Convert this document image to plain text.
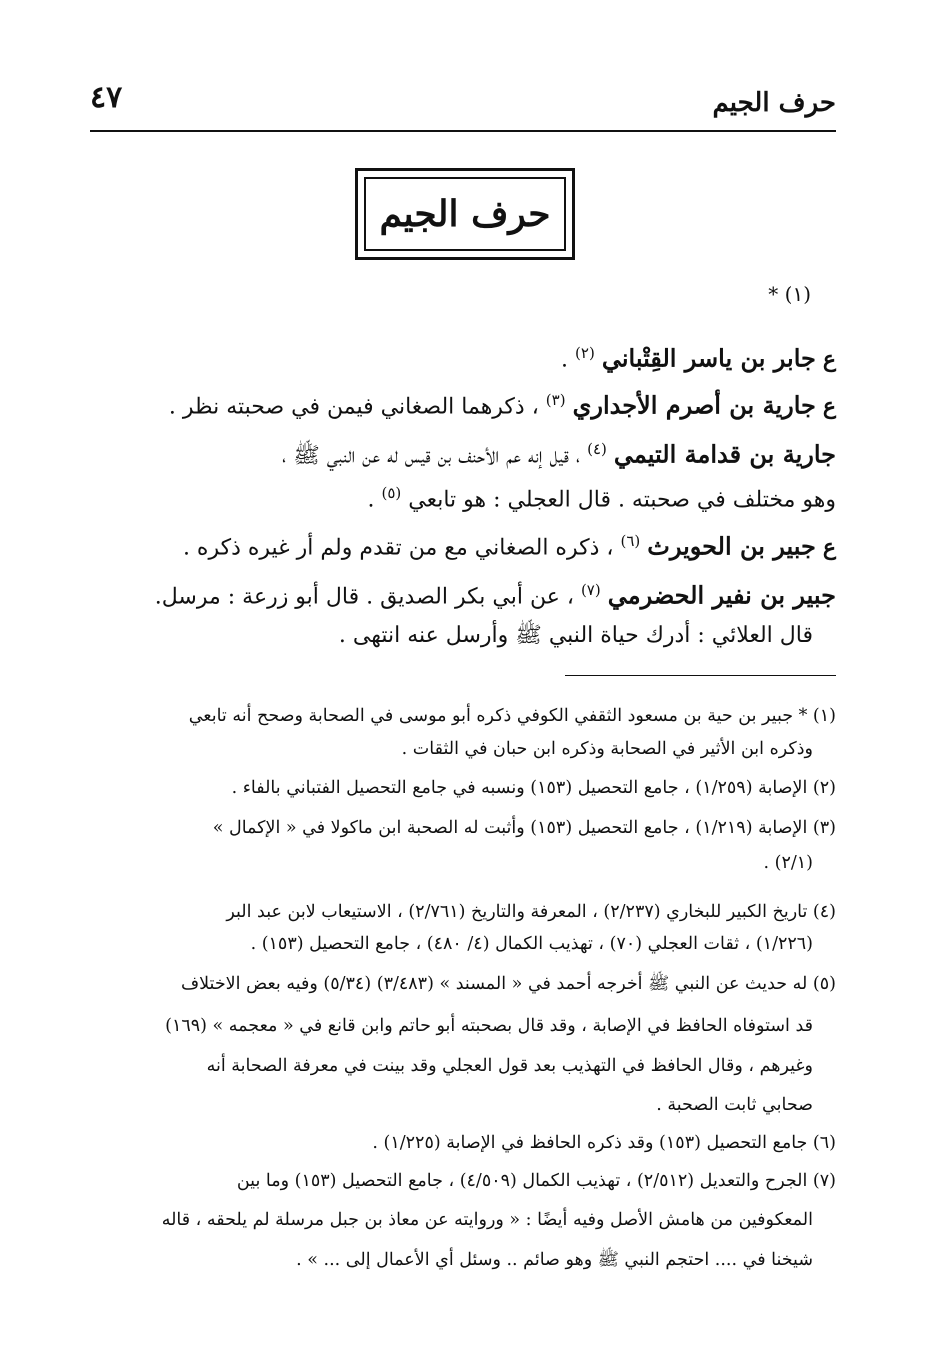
حرف الجيم
٤٧
حرف الجيم
(١) *
ع جابر بن ياسر القِتْباني $^{(٢)}$ .
ع جارية بن أصرم الأجداري $^{(٣)}$ ، ذكرهما الصغاني فيمن في صحبته نظر .
جارية بن قدامة التيمي $^{(٤)}$ ، قيل إنه عم الأحنف بن قيس له عن النبي ﷺ ،
وهو مختلف في صحبته . قال العجلي : هو تابعي $^{(٥)}$ .
ع جبير بن الحويرث $^{(٦)}$ ، ذكره الصغاني مع من تقدم ولم أر غيره ذكره .
جبير بن نفير الحضرمي $^{(٧)}$ ، عن أبي بكر الصديق . قال أبو زرعة : مرسل.
قال العلائي : أدرك حياة النبي ﷺ وأرسل عنه انتهى .
(١) * جبير بن حية بن مسعود الثقفي الكوفي ذكره أبو موسى في الصحابة وصحح أنه تابعي
وذكره ابن الأثير في الصحابة وذكره ابن حبان في الثقات .
(٢) الإصابة (١/٢٥٩) ، جامع التحصيل (١٥٣) ونسبه في جامع التحصيل الفتباني بالفاء .
(٣) الإصابة (١/٢١٩) ، جامع التحصيل (١٥٣) وأثبت له الصحبة ابن ماكولا في « الإكمال »
(٢/١) .
(٤) تاريخ الكبير للبخاري (٢/٢٣٧) ، المعرفة والتاريخ (٢/٧٦١) ، الاستيعاب لابن عبد البر
(١/٢٢٦) ، ثقات العجلي (٧٠) ، تهذيب الكمال (٤/ ٤٨٠) ، جامع التحصيل (١٥٣) .
(٥) له حديث عن النبي ﷺ أخرجه أحمد في « المسند » (٣/٤٨٣) (٥/٣٤) وفيه بعض الاختلاف
قد استوفاه الحافظ في الإصابة ، وقد قال بصحبته أبو حاتم وابن قانع في « معجمه » (١٦٩)
وغيرهم ، وقال الحافظ في التهذيب بعد قول العجلي وقد بينت في معرفة الصحابة أنه
صحابي ثابت الصحبة .
(٦) جامع التحصيل (١٥٣) وقد ذكره الحافظ في الإصابة (١/٢٢٥) .
(٧) الجرح والتعديل (٢/٥١٢) ، تهذيب الكمال (٤/٥٠٩) ، جامع التحصيل (١٥٣) وما بين
المعكوفين من هامش الأصل وفيه أيضًا : « وروايته عن معاذ بن جبل مرسلة لم يلحقه ، قاله
شيخنا في .... احتجم النبي ﷺ وهو صائم .. وسئل أي الأعمال إلى ... » .
